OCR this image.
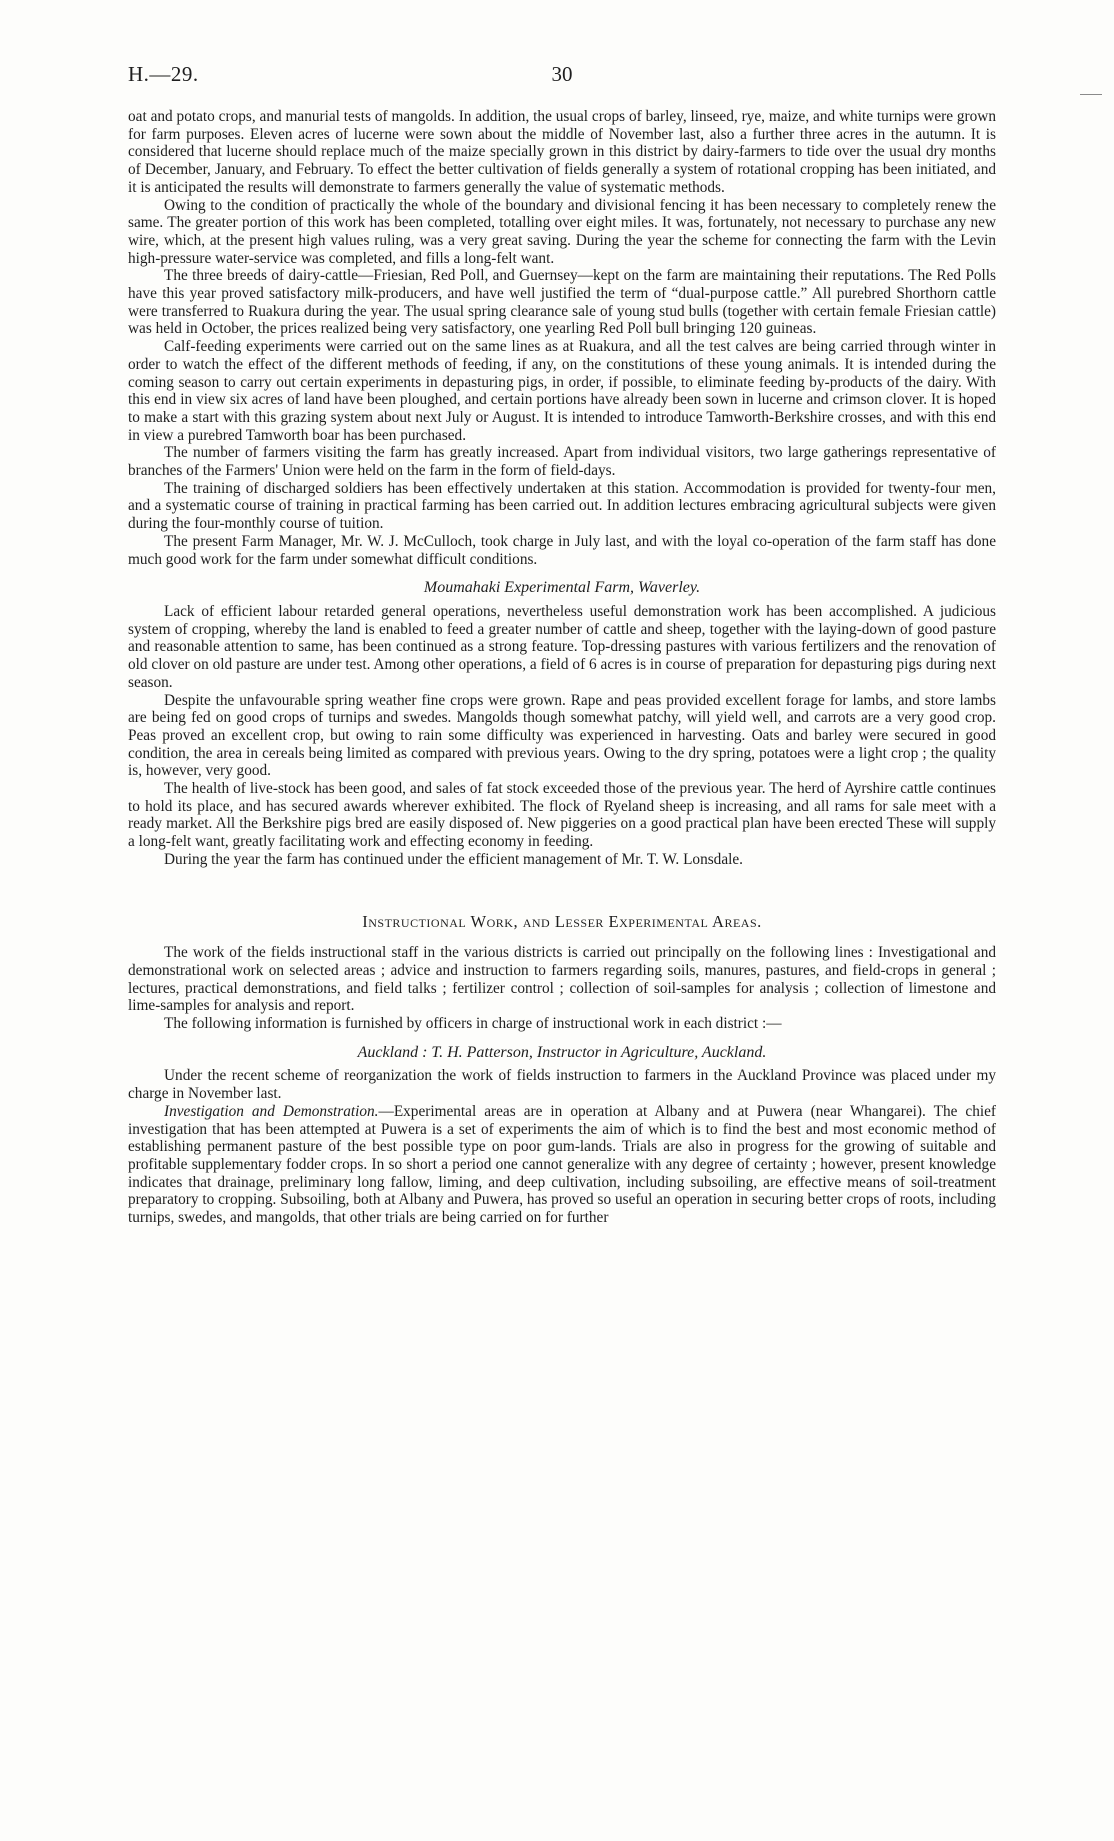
H.—29.	30

oat and potato crops, and manurial tests of mangolds. In addition, the usual crops of barley, linseed, rye, maize, and white turnips were grown for farm purposes. Eleven acres of lucerne were sown about the middle of November last, also a further three acres in the autumn. It is considered that lucerne should replace much of the maize specially grown in this district by dairy-farmers to tide over the usual dry months of December, January, and February. To effect the better cultivation of fields generally a system of rotational cropping has been initiated, and it is anticipated the results will demonstrate to farmers generally the value of systematic methods.

Owing to the condition of practically the whole of the boundary and divisional fencing it has been necessary to completely renew the same. The greater portion of this work has been completed, totalling over eight miles. It was, fortunately, not necessary to purchase any new wire, which, at the present high values ruling, was a very great saving. During the year the scheme for connecting the farm with the Levin high-pressure water-service was completed, and fills a long-felt want.

The three breeds of dairy-cattle—Friesian, Red Poll, and Guernsey—kept on the farm are maintaining their reputations. The Red Polls have this year proved satisfactory milk-producers, and have well justified the term of “dual-purpose cattle.” All purebred Shorthorn cattle were transferred to Ruakura during the year. The usual spring clearance sale of young stud bulls (together with certain female Friesian cattle) was held in October, the prices realized being very satisfactory, one yearling Red Poll bull bringing 120 guineas.

Calf-feeding experiments were carried out on the same lines as at Ruakura, and all the test calves are being carried through winter in order to watch the effect of the different methods of feeding, if any, on the constitutions of these young animals. It is intended during the coming season to carry out certain experiments in depasturing pigs, in order, if possible, to eliminate feeding by-products of the dairy. With this end in view six acres of land have been ploughed, and certain portions have already been sown in lucerne and crimson clover. It is hoped to make a start with this grazing system about next July or August. It is intended to introduce Tamworth-Berkshire crosses, and with this end in view a purebred Tamworth boar has been purchased.

The number of farmers visiting the farm has greatly increased. Apart from individual visitors, two large gatherings representative of branches of the Farmers' Union were held on the farm in the form of field-days.

The training of discharged soldiers has been effectively undertaken at this station. Accommodation is provided for twenty-four men, and a systematic course of training in practical farming has been carried out. In addition lectures embracing agricultural subjects were given during the four-monthly course of tuition.

The present Farm Manager, Mr. W. J. McCulloch, took charge in July last, and with the loyal co-operation of the farm staff has done much good work for the farm under somewhat difficult conditions.

Moumahaki Experimental Farm, Waverley.

Lack of efficient labour retarded general operations, nevertheless useful demonstration work has been accomplished. A judicious system of cropping, whereby the land is enabled to feed a greater number of cattle and sheep, together with the laying-down of good pasture and reasonable attention to same, has been continued as a strong feature. Top-dressing pastures with various fertilizers and the renovation of old clover on old pasture are under test. Among other operations, a field of 6 acres is in course of preparation for depasturing pigs during next season.

Despite the unfavourable spring weather fine crops were grown. Rape and peas provided excellent forage for lambs, and store lambs are being fed on good crops of turnips and swedes. Mangolds though somewhat patchy, will yield well, and carrots are a very good crop. Peas proved an excellent crop, but owing to rain some difficulty was experienced in harvesting. Oats and barley were secured in good condition, the area in cereals being limited as compared with previous years. Owing to the dry spring, potatoes were a light crop ; the quality is, however, very good.

The health of live-stock has been good, and sales of fat stock exceeded those of the previous year. The herd of Ayrshire cattle continues to hold its place, and has secured awards wherever exhibited. The flock of Ryeland sheep is increasing, and all rams for sale meet with a ready market. All the Berkshire pigs bred are easily disposed of. New piggeries on a good practical plan have been erected These will supply a long-felt want, greatly facilitating work and effecting economy in feeding.

During the year the farm has continued under the efficient management of Mr. T. W. Lonsdale.

Instructional Work, and Lesser Experimental Areas.

The work of the fields instructional staff in the various districts is carried out principally on the following lines : Investigational and demonstrational work on selected areas ; advice and instruction to farmers regarding soils, manures, pastures, and field-crops in general ; lectures, practical demonstrations, and field talks ; fertilizer control ; collection of soil-samples for analysis ; collection of limestone and lime-samples for analysis and report.

The following information is furnished by officers in charge of instructional work in each district :—

Auckland : T. H. Patterson, Instructor in Agriculture, Auckland.

Under the recent scheme of reorganization the work of fields instruction to farmers in the Auckland Province was placed under my charge in November last.

Investigation and Demonstration.—Experimental areas are in operation at Albany and at Puwera (near Whangarei). The chief investigation that has been attempted at Puwera is a set of experiments the aim of which is to find the best and most economic method of establishing permanent pasture of the best possible type on poor gum-lands. Trials are also in progress for the growing of suitable and profitable supplementary fodder crops. In so short a period one cannot generalize with any degree of certainty ; however, present knowledge indicates that drainage, preliminary long fallow, liming, and deep cultivation, including subsoiling, are effective means of soil-treatment preparatory to cropping. Subsoiling, both at Albany and Puwera, has proved so useful an operation in securing better crops of roots, including turnips, swedes, and mangolds, that other trials are being carried on for further
